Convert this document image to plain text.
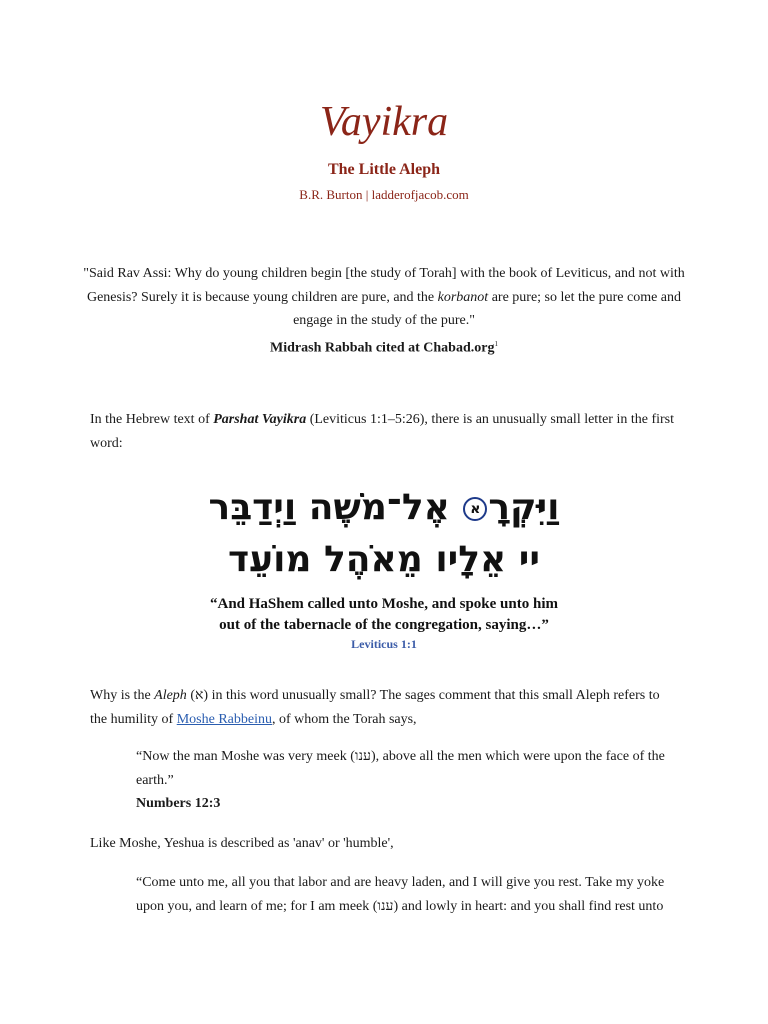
Vayikra
The Little Aleph
B.R. Burton | ladderofjacob.com
"Said Rav Assi: Why do young children begin [the study of Torah] with the book of Leviticus, and not with Genesis? Surely it is because young children are pure, and the korbanot are pure; so let the pure come and engage in the study of the pure."
Midrash Rabbah cited at Chabad.org$^1$
In the Hebrew text of Parshat Vayikra (Leviticus 1:1–5:26), there is an unusually small letter in the first word:
וַיִּקְרָא אֶל־מֹשֶׁה וַיְדַבֵּר
יי אֵלָיו מֵאֹהֶל מוֹעֵד
“And HaShem called unto Moshe, and spoke unto him
out of the tabernacle of the congregation, saying…”
Leviticus 1:1
Why is the Aleph (א) in this word unusually small? The sages comment that this small Aleph refers to the humility of Moshe Rabbeinu, of whom the Torah says,
“Now the man Moshe was very meek (ענו), above all the men which were upon the face of the earth.”
Numbers 12:3
Like Moshe, Yeshua is described as 'anav' or 'humble',
“Come unto me, all you that labor and are heavy laden, and I will give you rest. Take my yoke upon you, and learn of me; for I am meek (ענו) and lowly in heart: and you shall find rest unto
